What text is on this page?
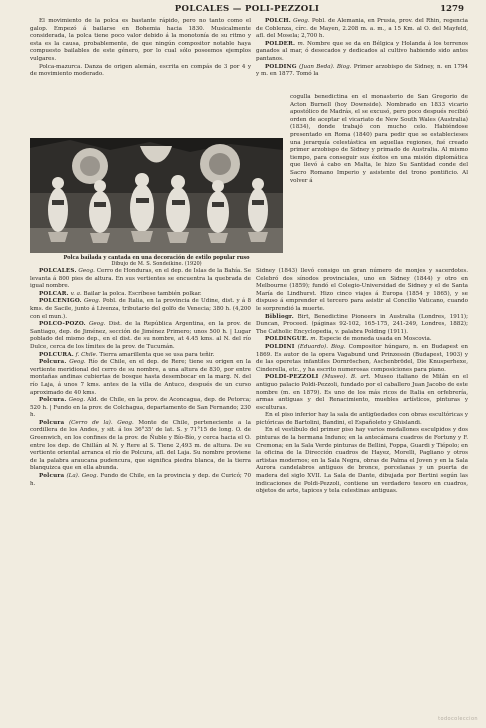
POLCALES — POLI-PEZZOLI	1279

El movimiento de la polca es bastante rápido, pero no tanto como el galop. Empezó á bailarse en Bohemia hacia 1830. Musicalmente considerada, la polca tiene poco valor debido á la monotonía de su ritmo y esta es la causa, probablemente, de que ningún compositor notable haya compuesto bailables de este género, por lo cual sólo poseemos ejemplos vulgares.

Polca-mazurca. Danza de origen alemán, escrita en compás de 3 por 4 y de movimiento moderado.

POLCH. Geog. Pobl. de Alemania, en Prusia, prov. del Rhin, regencia de Coblenza, círc. de Mayen, 2.208 m. a. m., a 15 Km. al O. del Mayfeld, afl. del Mosela; 2,700 h.

POLDER. m. Nombre que se da en Bélgica y Holanda á los terrenos ganados al mar, ó desecados y dedicados al cultivo habiendo sido antes pantanos.

POLDING (Juan Beda). Biog. Primer arzobispo de Sidney, n. en 1794 y m. en 1877. Tomó la

cogulla benedictina en el monasterio de San Gregorio de Acton Burnell (hoy Downside). Nombrado en 1833 vicario apostólico de Madrás, el se excusó, pero poco después recibió orden de aceptar el vicariato de New South Wales (Australia) (1834), donde trabajó con mucho celo. Habiéndose presentado en Roma (1840) para pedir que se establecieses una jerarquía celestástica en aquellas regiones, fué creado primer arzobispo de Sidney y primado de Australia. Al mismo tiempo, para conseguir sus éxitos en una misión diplomática que llevó á cabo en Malta, le hizo Su Santidad conde del Sacro Romano Imperio y asistente del trono pontificio. Al volver á

Polca bailada y cantada en una decoración de estilo popular ruso
Dibujo de M. S. Sondeikine. (1920)

POLCALES. Geog. Cerro de Honduras, en el dep. de Islas de la Bahía. Se levanta á 800 pies de altura. En sus vertientes se encuentra la quebrada de igual nombre.

POLCAR. v. a. Bailar la polca. Escríbese también polkar.

POLCENIGO. Geog. Pobl. de Italia, en la provincia de Udine, dist. y á 8 kms. de Sacile, junto á Livenza, tributario del golfo de Venecia; 380 h. (4,200 con el mun.).

POLCO-POZO. Geog. Dist. de la República Argentina, en la prov. de Santiago, dep. de Jiménez, sección de Jiménez Primero; unos 500 h. | Lugar poblado del mismo dep., en el dist. de su nombre, at 4.45 kms. al N. del río Dulce, cerca de los límites de la prov. de Tucumán.

POLCURA. f. Chile. Tierra amarillenta que se usa para teñir.

Polcura. Geog. Río de Chile, en el dep. de Rere; tiene su origen en la vertiente meridional del cerro de su nombre, a una altura de 830, por entre montañas andinas cubiertas de bosque hasta desembocar en la marg. N. del río Laja, á unos 7 kms. antes de la villa de Antuco, después de un curso aproximado de 40 kms.

Polcura. Geog. Ald. de Chile, en la prov. de Aconcagua, dep. de Petorca; 520 h. | Fundo en la prov. de Colchagua, departamento de San Fernando; 230 h.

Polcura (Cerro de la). Geog. Monte de Chile, perteneciente a la cordillera de los Andes, y sit. á los 36°35' de lat. S. y 71°15 de long. O. de Greenwich, en los confines de la prov. de Ñuble y Bío-Bío, y cerca hacia el O. entre los dep. de Chillán al N. y Rere al S. Tiene 2,493 m. de altura. De su vertiente oriental arranca el río de Polcura, afl. del Laja. Su nombre proviene de la palabra araucana pudencura, que significa piedra blanca, de la tierra blanquizca que en ella abunda.

Polcura (La). Geog. Fundo de Chile, en la provincia y dep. de Curicó; 70 h.

Sidney (1843) llevó consigo un gran número de monjes y sacerdotes. Celebró dos sínodos provinciales, uno en Sidney (1844) y otro en Melbourne (1859); fundó el Colegio-Universidad de Sidney y el de Santa María de Lindhurst. Hizo cinco viajes á Europa (1854 y 1865), y se dispuso á emprender el tercero para asistir al Concilio Vaticano, cuando le sorprendió la muerte.

Bibliogr. Birt, Benedictine Pioneers in Australia (Londres, 1911); Duncan, Proceed. (páginas 92-102, 165-175, 241-249, Londres, 1882); The Catholic Encyclopedia, v. palabra Polding (1911).

POLDINGUE. m. Especie de moneda usada en Moscovia.

POLDINI (Eduardo). Biog. Compositor húngaro, n. en Budapest en 1869. Es autor de la opera Vagabund und Prinzessin (Budapest, 1903) y de las operetas infantiles Dornröschen, Aschenbrödel, Die Knusperhexe, Cinderella, etc., y ha escrito numerosas composiciones para piano.

POLDI-PEZZOLI (Museo). B. art. Museo italiano de Milán en el antiguo palacio Poldi-Pezzoli, fundado por el caballero Juan Jacobo de este nombre (m. en 1879). Es uno de los más ricos de Italia en orfebrería, armas antiguas y del Renacimiento, muebles artísticos, pinturas y esculturas.

En el piso inferior hay la sala de antigüedades con obras escultóricas y pictóricas de Bartolini, Bandini, el Españoleto y Ghislandi.

En el vestíbulo del primer piso hay varios medallones esculpidos y dos pinturas de la hermana Induno; en la antecámara cuadros de Fortuny y F. Cremona; en la Sala Verde pinturas de Bellini, Foppa, Guardi y Tiépolo; en la oficina de la Dirección cuadros de Hayez, Morelli, Pagliano y otros artistas modernos; en la Sala Negra, obras de Palma el Joven y en la Sala Aurora candelabros antiguos de bronce, porcelanas y un puerta de madera del siglo XVII. La Sala de Dante, dibujada por Bertini según las indicaciones de Poldi-Pezzoli, contiene un verdadero tesoro en cuadros, objetos de arte, tapices y tela celestinas antiguas.

todocoleccion
